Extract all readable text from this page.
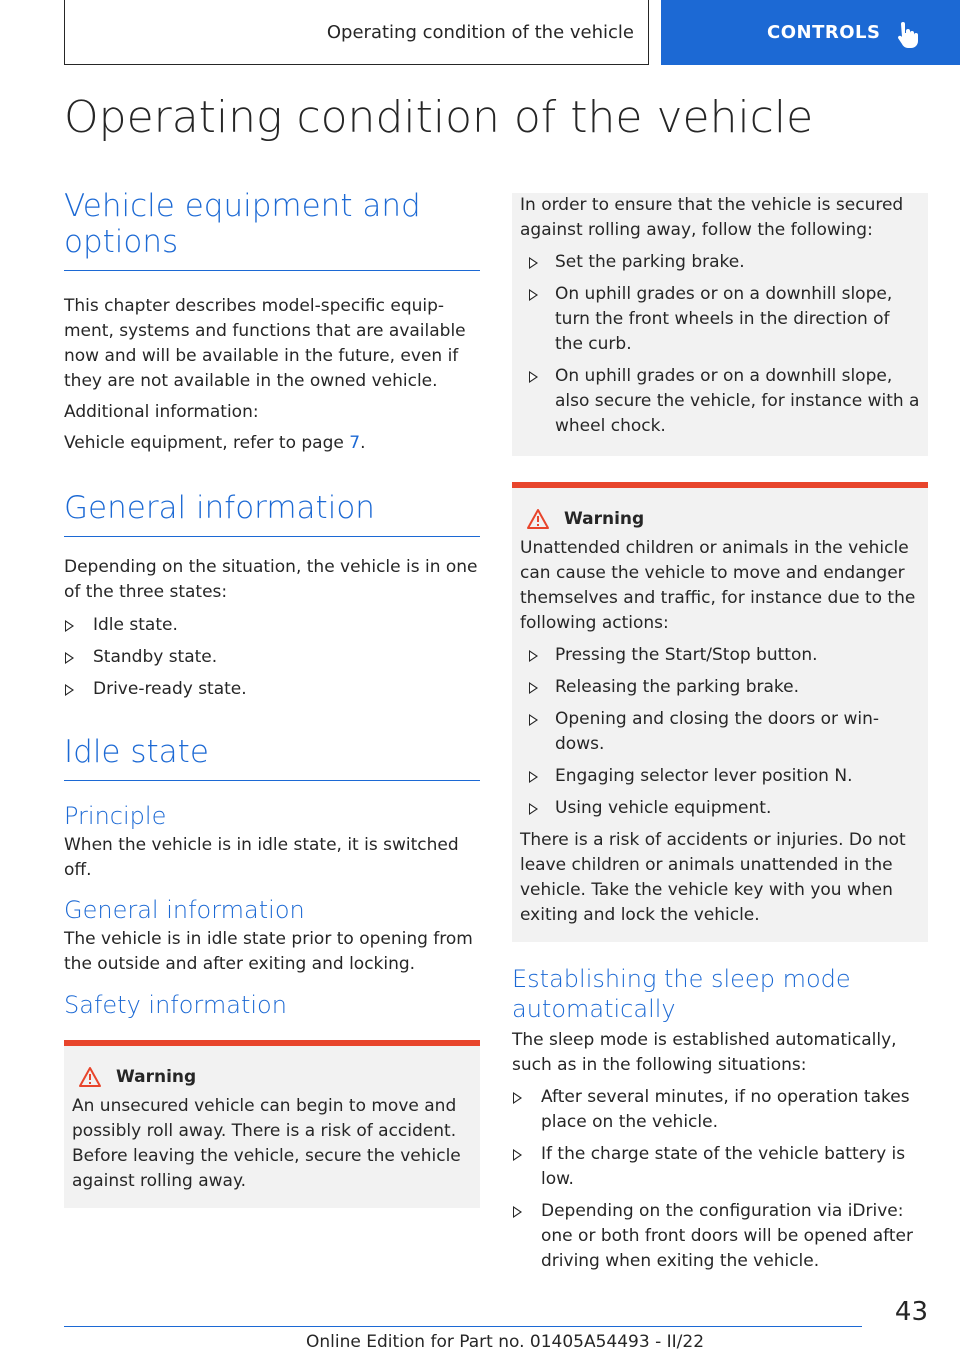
Operating condition of the vehicle	CONTROLS
Operating condition of the vehicle
Vehicle equipment and options

This chapter describes model-specific equip-ment, systems and functions that are available now and will be available in the future, even if they are not available in the owned vehicle.

Additional information:

Vehicle equipment, refer to page 7.

General information

Depending on the situation, the vehicle is in one of the three states:

Idle state.
Standby state.
Drive-ready state.
Idle state
Principle

When the vehicle is in idle state, it is switched off.

General information

The vehicle is in idle state prior to opening from the outside and after exiting and locking.

Safety information
Warning

An unsecured vehicle can begin to move and possibly roll away. There is a risk of accident. Before leaving the vehicle, secure the vehicle against rolling away.

In order to ensure that the vehicle is secured against rolling away, follow the following:

Set the parking brake.
On uphill grades or on a downhill slope, turn the front wheels in the direction of the curb.
On uphill grades or on a downhill slope, also secure the vehicle, for instance with a wheel chock.
Warning

Unattended children or animals in the vehicle can cause the vehicle to move and endanger themselves and traffic, for instance due to the following actions:

Pressing the Start/Stop button.
Releasing the parking brake.
Opening and closing the doors or win-dows.
Engaging selector lever position N.
Using vehicle equipment.

There is a risk of accidents or injuries. Do not leave children or animals unattended in the vehicle. Take the vehicle key with you when exiting and lock the vehicle.

Establishing the sleep mode automatically

The sleep mode is established automatically, such as in the following situations:

After several minutes, if no operation takes place on the vehicle.
If the charge state of the vehicle battery is low.
Depending on the configuration via iDrive: one or both front doors will be opened after driving when exiting the vehicle.
43
Online Edition for Part no. 01405A54493 - II/22
